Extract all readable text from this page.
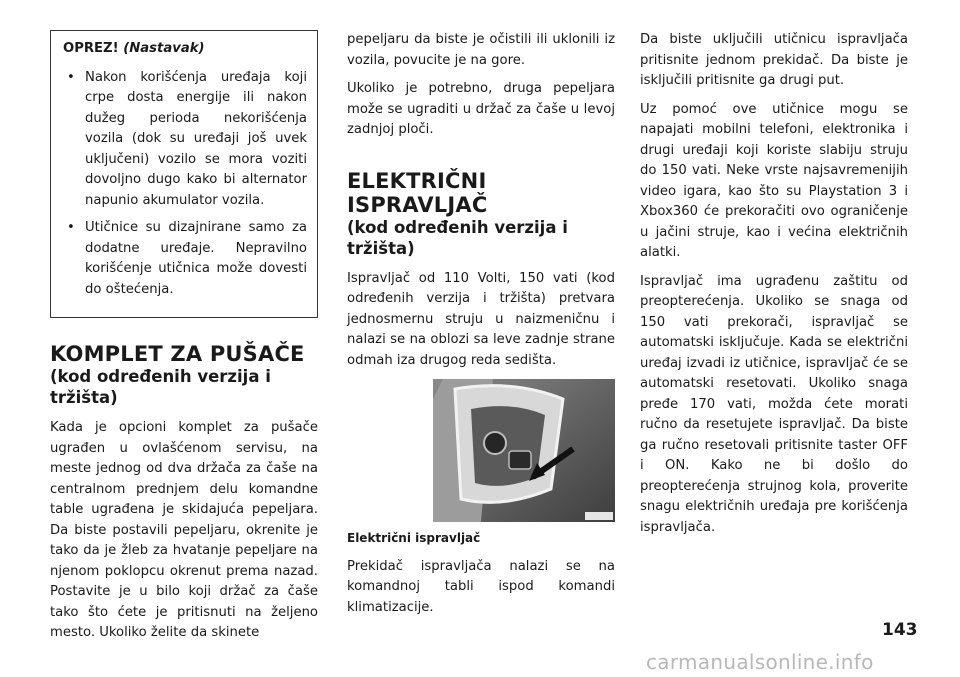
OPREZ! (Nastavak)

• Nakon korišćenja uređaja koji crpe dosta energije ili nakon dužeg perioda nekorišćenja vozila (dok su uređaji još uvek uključeni) vozilo se mora voziti dovoljno dugo kako bi alternator napunio akumulator vozila.
• Utičnice su dizajnirane samo za dodatne uređaje. Nepravilno korišćenje utičnica može dovesti do oštećenja.
KOMPLET ZA PUŠAČE
(kod određenih verzija i tržišta)

Kada je opcioni komplet za pušače ugrađen u ovlašćenom servisu, na meste jednog od dva držača za čaše na centralnom prednjem delu komandne table ugrađena je skidajuća pepeljara. Da biste postavili pepeljaru, okrenite je tako da je žleb za hvatanje pepeljare na njenom poklopcu okrenut prema nazad. Postavite je u bilo koji držač za čaše tako što ćete je pritisnuti na željeno mesto. Ukoliko želite da skinete

pepeljaru da biste je očistili ili uklonili iz vozila, povucite je na gore.

Ukoliko je potrebno, druga pepeljara može se ugraditi u držač za čaše u levoj zadnjoj ploči.

ELEKTRIČNI ISPRAVLJAČ
(kod određenih verzija i tržišta)

Ispravljač od 110 Volti, 150 vati (kod određenih verzija i tržišta) pretvara jednosmernu struju u naizmeničnu i nalazi se na oblozi sa leve zadnje strane odmah iza drugog reda sedišta.

Električni ispravljač

Prekidač ispravljača nalazi se na komandnoj tabli ispod komandi klimatizacije.

Da biste uključili utičnicu ispravljača pritisnite jednom prekidač. Da biste je isključili pritisnite ga drugi put.

Uz pomoć ove utičnice mogu se napajati mobilni telefoni, elektronika i drugi uređaji koji koriste slabiju struju do 150 vati. Neke vrste najsavremenijih video igara, kao što su Playstation 3 i Xbox360 će prekoračiti ovo ograničenje u jačini struje, kao i većina električnih alatki.

Ispravljač ima ugrađenu zaštitu od preopterećenja. Ukoliko se snaga od 150 vati prekorači, ispravljač se automatski isključuje. Kada se električni uređaj izvadi iz utičnice, ispravljač će se automatski resetovati. Ukoliko snaga pređe 170 vati, možda ćete morati ručno da resetujete ispravljač. Da biste ga ručno resetovali pritisnite taster OFF i ON. Kako ne bi došlo do preopterećenja strujnog kola, proverite snagu električnih uređaja pre korišćenja ispravljača.

143
carmanualsonline.info
